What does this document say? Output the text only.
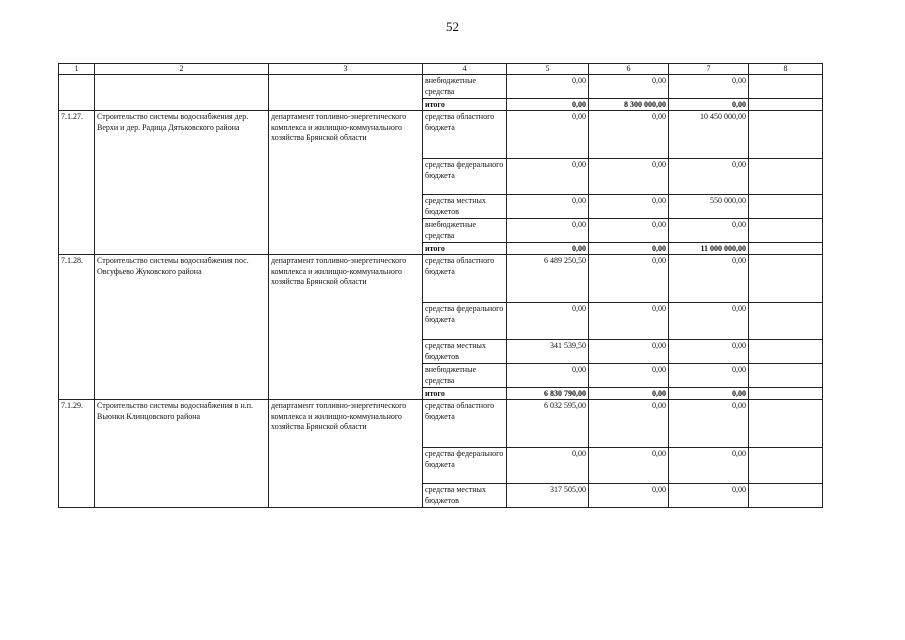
52
1	2	3	4	5	6	7	8
			внебюджетные средства	0,00	0,00	0,00	
			итого	0,00	8 300 000,00	0,00	
7.1.27.	Строительство системы водоснабжения дер. Верхи и дер. Радица Дятьковского района	департамент топливно-энергетического комплекса и жилищно-коммунального хозяйства Брянской области	средства областного бюджета	0,00	0,00	10 450 000,00	
			средства федерального бюджета	0,00	0,00	0,00	
			средства местных бюджетов	0,00	0,00	550 000,00	
			внебюджетные средства	0,00	0,00	0,00	
			итого	0,00	0,00	11 000 000,00	
7.1.28.	Строительство системы водоснабжения пос. Овсуфьево Жуковского района	департамент топливно-энергетического комплекса и жилищно-коммунального хозяйства Брянской области	средства областного бюджета	6 489 250,50	0,00	0,00	
			средства федерального бюджета	0,00	0,00	0,00	
			средства местных бюджетов	341 539,50	0,00	0,00	
			внебюджетные средства	0,00	0,00	0,00	
			итого	6 830 790,00	0,00	0,00	
7.1.29.	Строительство системы водоснабжения в н.п. Вьюнки Клинцовского района	департамент топливно-энергетического комплекса и жилищно-коммунального хозяйства Брянской области	средства областного бюджета	6 032 595,00	0,00	0,00	
			средства федерального бюджета	0,00	0,00	0,00	
			средства местных бюджетов	317 505,00	0,00	0,00	
